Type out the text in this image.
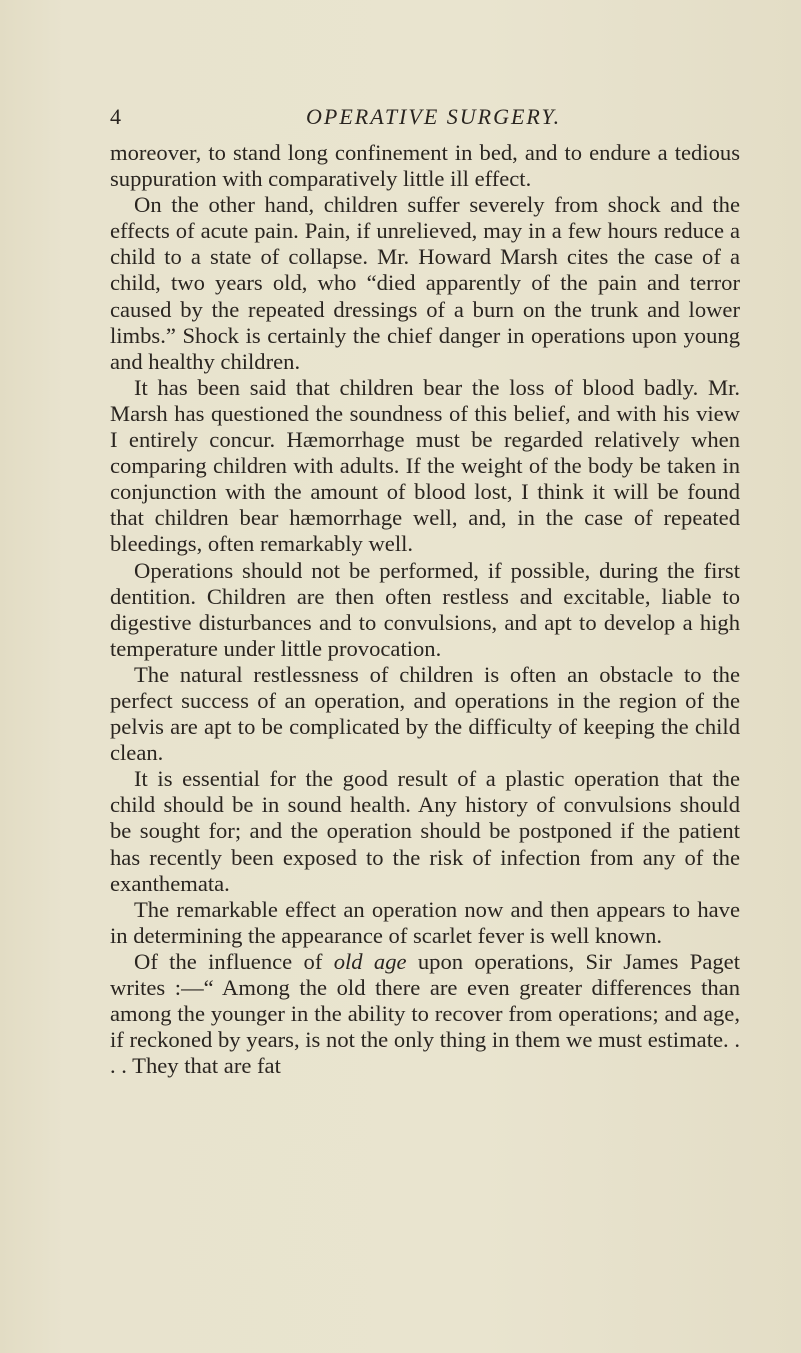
4	OPERATIVE SURGERY.

moreover, to stand long confinement in bed, and to endure a tedious suppuration with comparatively little ill effect.

On the other hand, children suffer severely from shock and the effects of acute pain. Pain, if unrelieved, may in a few hours reduce a child to a state of collapse. Mr. Howard Marsh cites the case of a child, two years old, who “died apparently of the pain and terror caused by the repeated dressings of a burn on the trunk and lower limbs.” Shock is certainly the chief danger in operations upon young and healthy children.

It has been said that children bear the loss of blood badly. Mr. Marsh has questioned the soundness of this belief, and with his view I entirely concur. Hæmorrhage must be regarded relatively when comparing children with adults. If the weight of the body be taken in conjunction with the amount of blood lost, I think it will be found that children bear hæmorrhage well, and, in the case of repeated bleedings, often remarkably well.

Operations should not be performed, if possible, during the first dentition. Children are then often restless and excitable, liable to digestive disturbances and to convulsions, and apt to develop a high temperature under little provocation.

The natural restlessness of children is often an obstacle to the perfect success of an operation, and operations in the region of the pelvis are apt to be complicated by the difficulty of keeping the child clean.

It is essential for the good result of a plastic operation that the child should be in sound health. Any history of convulsions should be sought for; and the operation should be postponed if the patient has recently been exposed to the risk of infection from any of the exanthemata.

The remarkable effect an operation now and then appears to have in determining the appearance of scarlet fever is well known.

Of the influence of old age upon operations, Sir James Paget writes :—“ Among the old there are even greater differences than among the younger in the ability to recover from operations; and age, if reckoned by years, is not the only thing in them we must estimate. . . . They that are fat
